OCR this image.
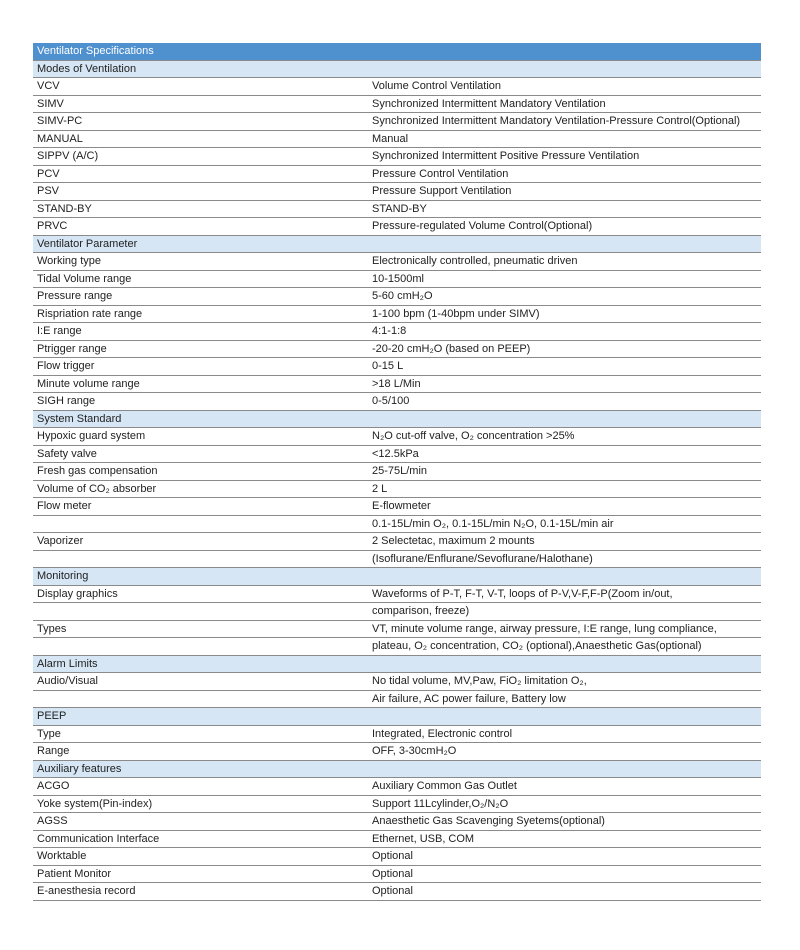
Ventilator Specifications	
Modes of Ventilation	
VCV	Volume Control Ventilation
SIMV	Synchronized Intermittent Mandatory Ventilation
SIMV-PC	Synchronized Intermittent Mandatory Ventilation-Pressure Control(Optional)
MANUAL	Manual
SIPPV (A/C)	Synchronized Intermittent Positive Pressure Ventilation
PCV	Pressure Control Ventilation
PSV	Pressure Support Ventilation
STAND-BY	STAND-BY
PRVC	Pressure-regulated Volume Control(Optional)
Ventilator Parameter	
Working type	Electronically controlled, pneumatic driven
Tidal Volume range	10-1500ml
Pressure range	5-60 cmH₂O
Rispriation rate range	1-100 bpm (1-40bpm under SIMV)
I:E range	4:1-1:8
Ptrigger range	-20-20 cmH₂O (based on PEEP)
Flow trigger	0-15 L
Minute volume range	>18 L/Min
SIGH range	0-5/100
System Standard	
Hypoxic guard system	N₂O cut-off valve, O₂ concentration >25%
Safety valve	<12.5kPa
Fresh gas compensation	25-75L/min
Volume of CO₂ absorber	2 L
Flow meter	E-flowmeter
	0.1-15L/min O₂, 0.1-15L/min N₂O, 0.1-15L/min air
Vaporizer	2 Selectetac, maximum 2 mounts
	(Isoflurane/Enflurane/Sevoflurane/Halothane)
Monitoring	
Display graphics	Waveforms of P-T, F-T, V-T, loops of P-V,V-F,F-P(Zoom in/out,
	comparison, freeze)
Types	VT, minute volume range, airway pressure, I:E range, lung compliance,
	plateau, O₂ concentration, CO₂ (optional),Anaesthetic Gas(optional)
Alarm Limits	
Audio/Visual	No tidal volume, MV,Paw, FiO₂ limitation O₂,
	Air failure, AC power failure, Battery low
PEEP	
Type	Integrated, Electronic control
Range	OFF, 3-30cmH₂O
Auxiliary features	
ACGO	Auxiliary Common Gas Outlet
Yoke system(Pin-index)	Support 11Lcylinder,O₂/N₂O
AGSS	Anaesthetic Gas Scavenging Syetems(optional)
Communication Interface	Ethernet, USB, COM
Worktable	Optional
Patient Monitor	Optional
E-anesthesia record	Optional
